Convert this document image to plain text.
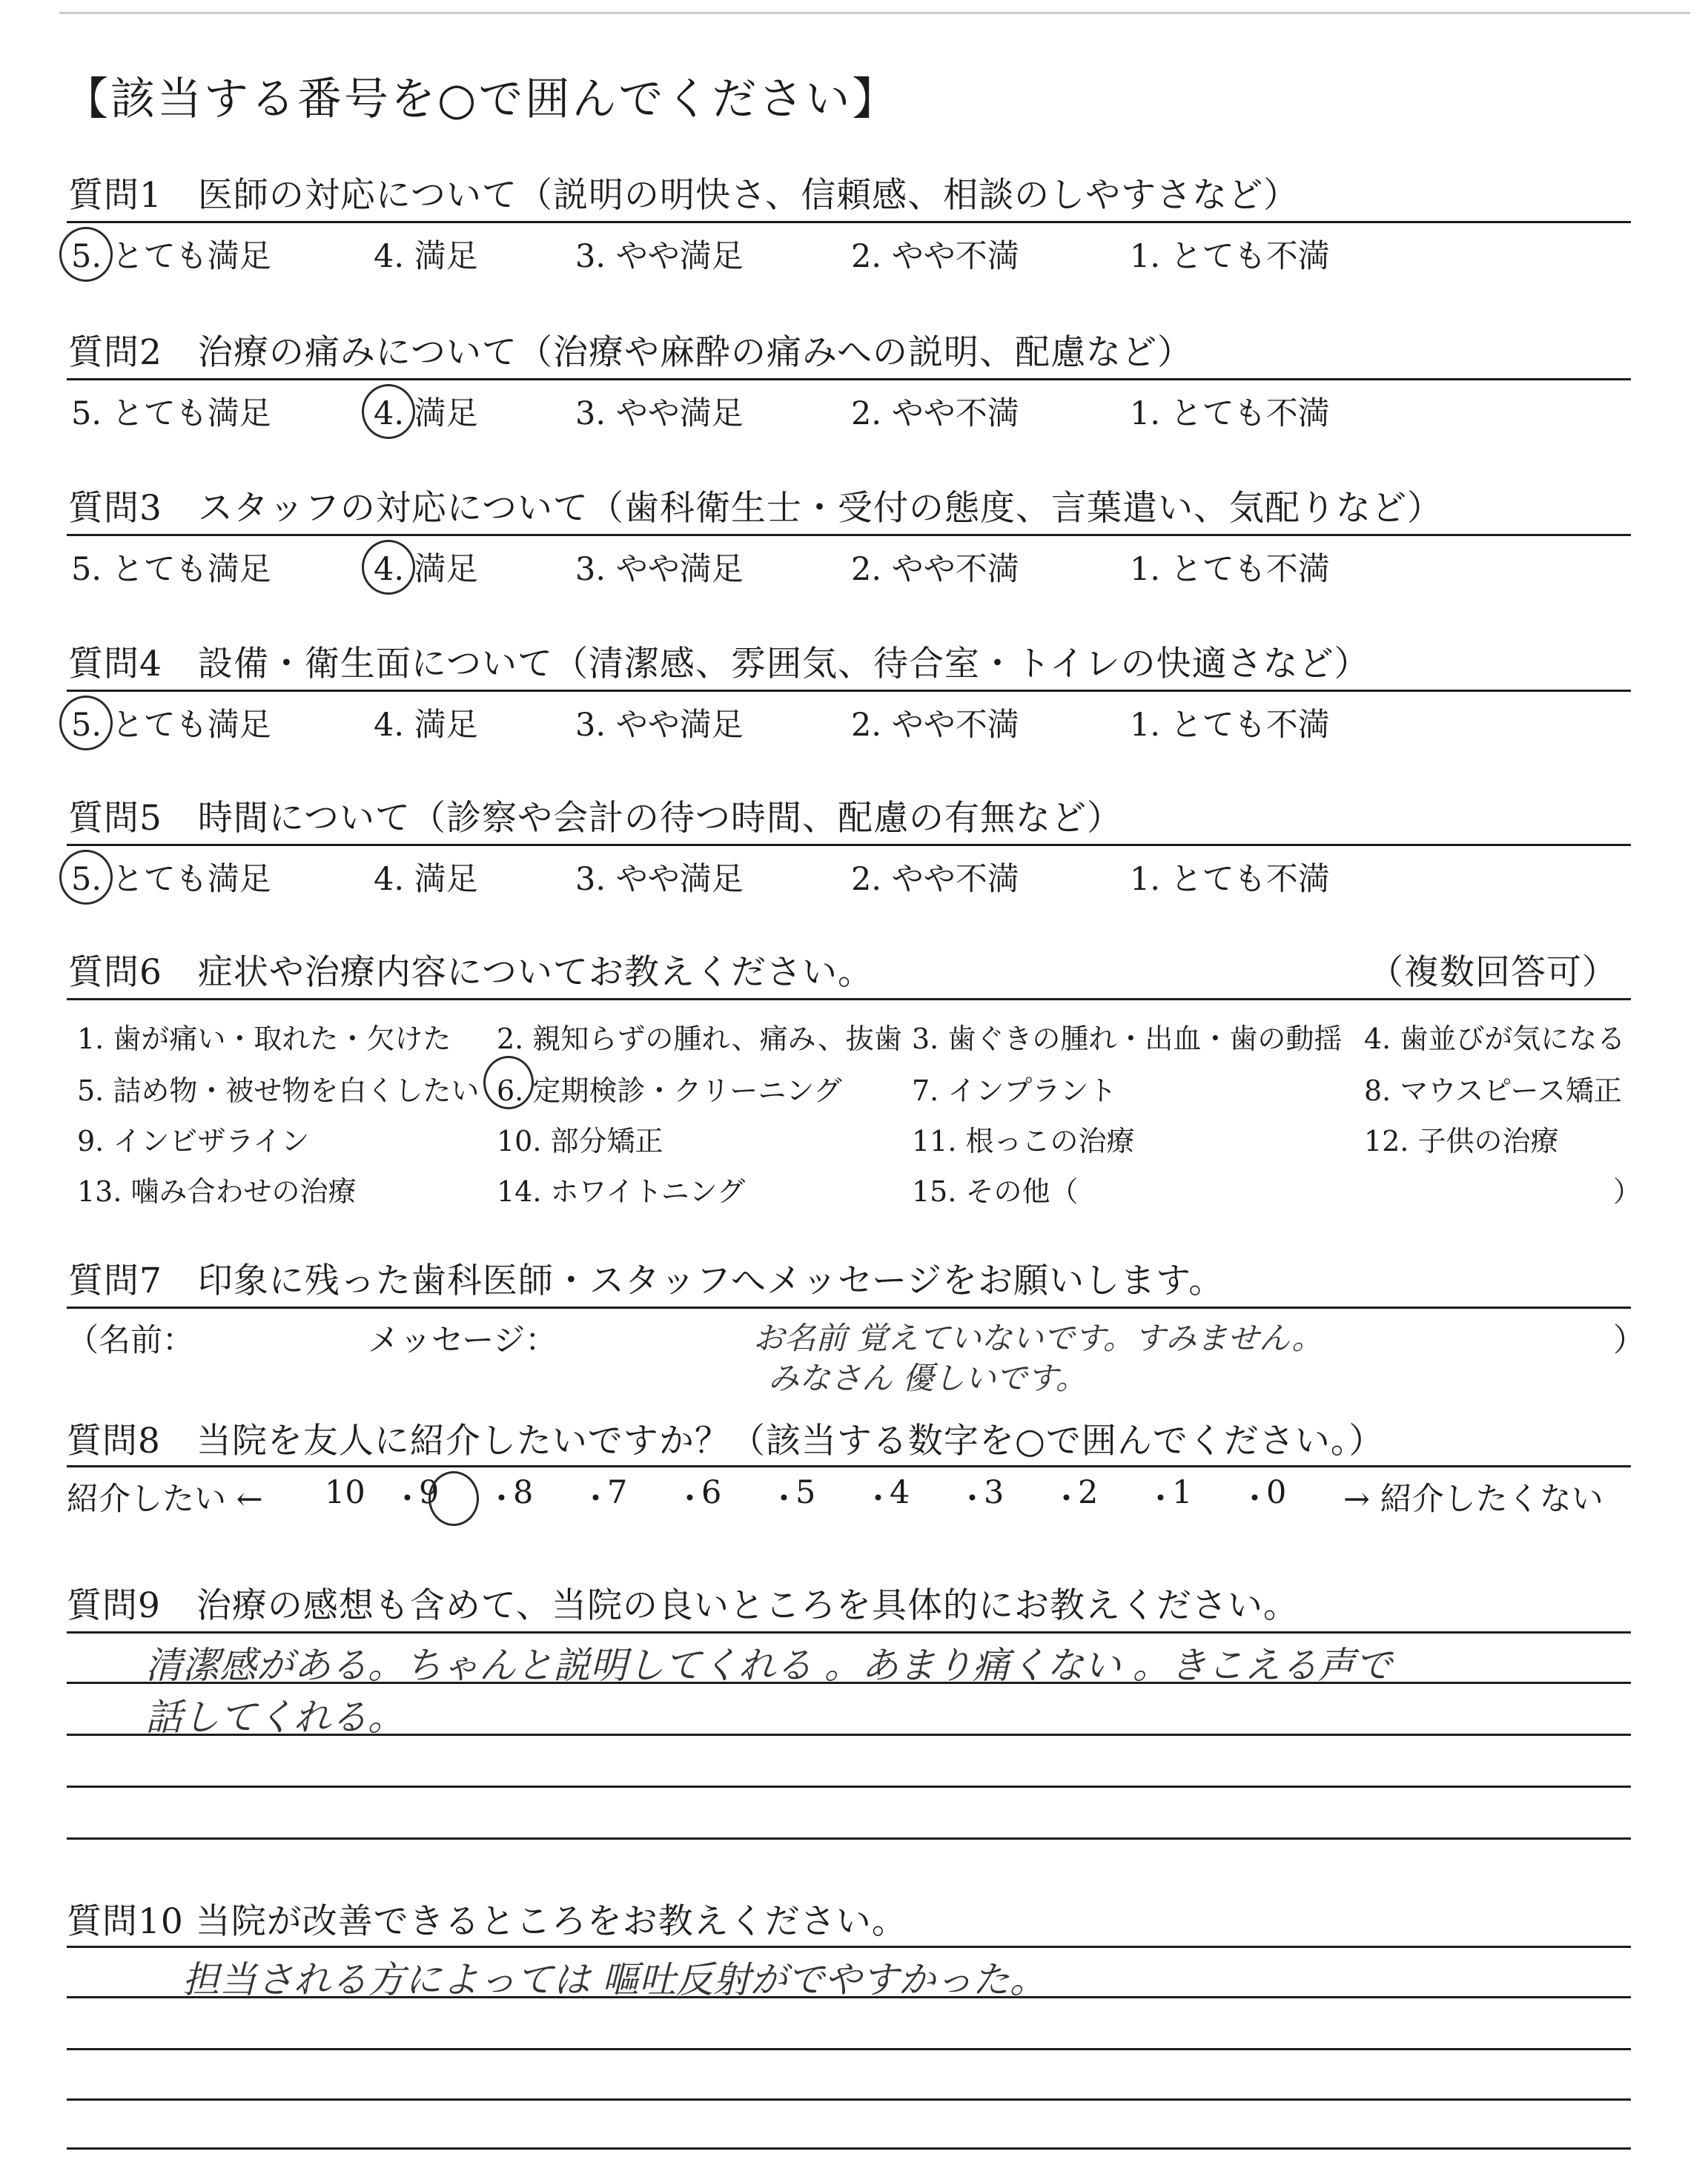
【該当する番号を○で囲んでください】
質問1　医師の対応について（説明の明快さ、信頼感、相談のしやすさなど）
5. とても満足	4. 満足	3. やや満足	2. やや不満	1. とても不満
質問2　治療の痛みについて（治療や麻酔の痛みへの説明、配慮など）
5. とても満足	4. 満足	3. やや満足	2. やや不満	1. とても不満
質問3　スタッフの対応について（歯科衛生士・受付の態度、言葉遣い、気配りなど）
5. とても満足	4. 満足	3. やや満足	2. やや不満	1. とても不満
質問4　設備・衛生面について（清潔感、雰囲気、待合室・トイレの快適さなど）
5. とても満足	4. 満足	3. やや満足	2. やや不満	1. とても不満
質問5　時間について（診察や会計の待つ時間、配慮の有無など）
5. とても満足	4. 満足	3. やや満足	2. やや不満	1. とても不満
質問6　症状や治療内容についてお教えください。	（複数回答可）
1. 歯が痛い・取れた・欠けた 2. 親知らずの腫れ、痛み、抜歯 3. 歯ぐきの腫れ・出血・歯の動揺 4. 歯並びが気になる
5. 詰め物・被せ物を白くしたい 6. 定期検診・クリーニング 7. インプラント	8. マウスピース矯正
9. インビザライン	10. 部分矯正	11. 根っこの治療	12. 子供の治療
13. 噛み合わせの治療	14. ホワイトニング	15. その他（	）
質問7　印象に残った歯科医師・スタッフへメッセージをお願いします。
（名前：	メッセージ：	お名前 覚えていないです。すみません。
みなさん 優しいです。
）
質問8　当院を友人に紹介したいですか？（該当する数字を○で囲んでください。）
紹介したい ← 10 ・
9 ・
8 ・
7 ・
6 ・
5 ・
4 ・
3 ・
2 ・
1 ・
0 → 紹介したくない
質問9　治療の感想も含めて、当院の良いところを具体的にお教えください。
清潔感がある。ちゃんと説明してくれる 。あまり痛くない 。きこえる声で
話してくれる。
質問10 当院が改善できるところをお教えください。
担当される方によっては 嘔吐反射がでやすかった。
